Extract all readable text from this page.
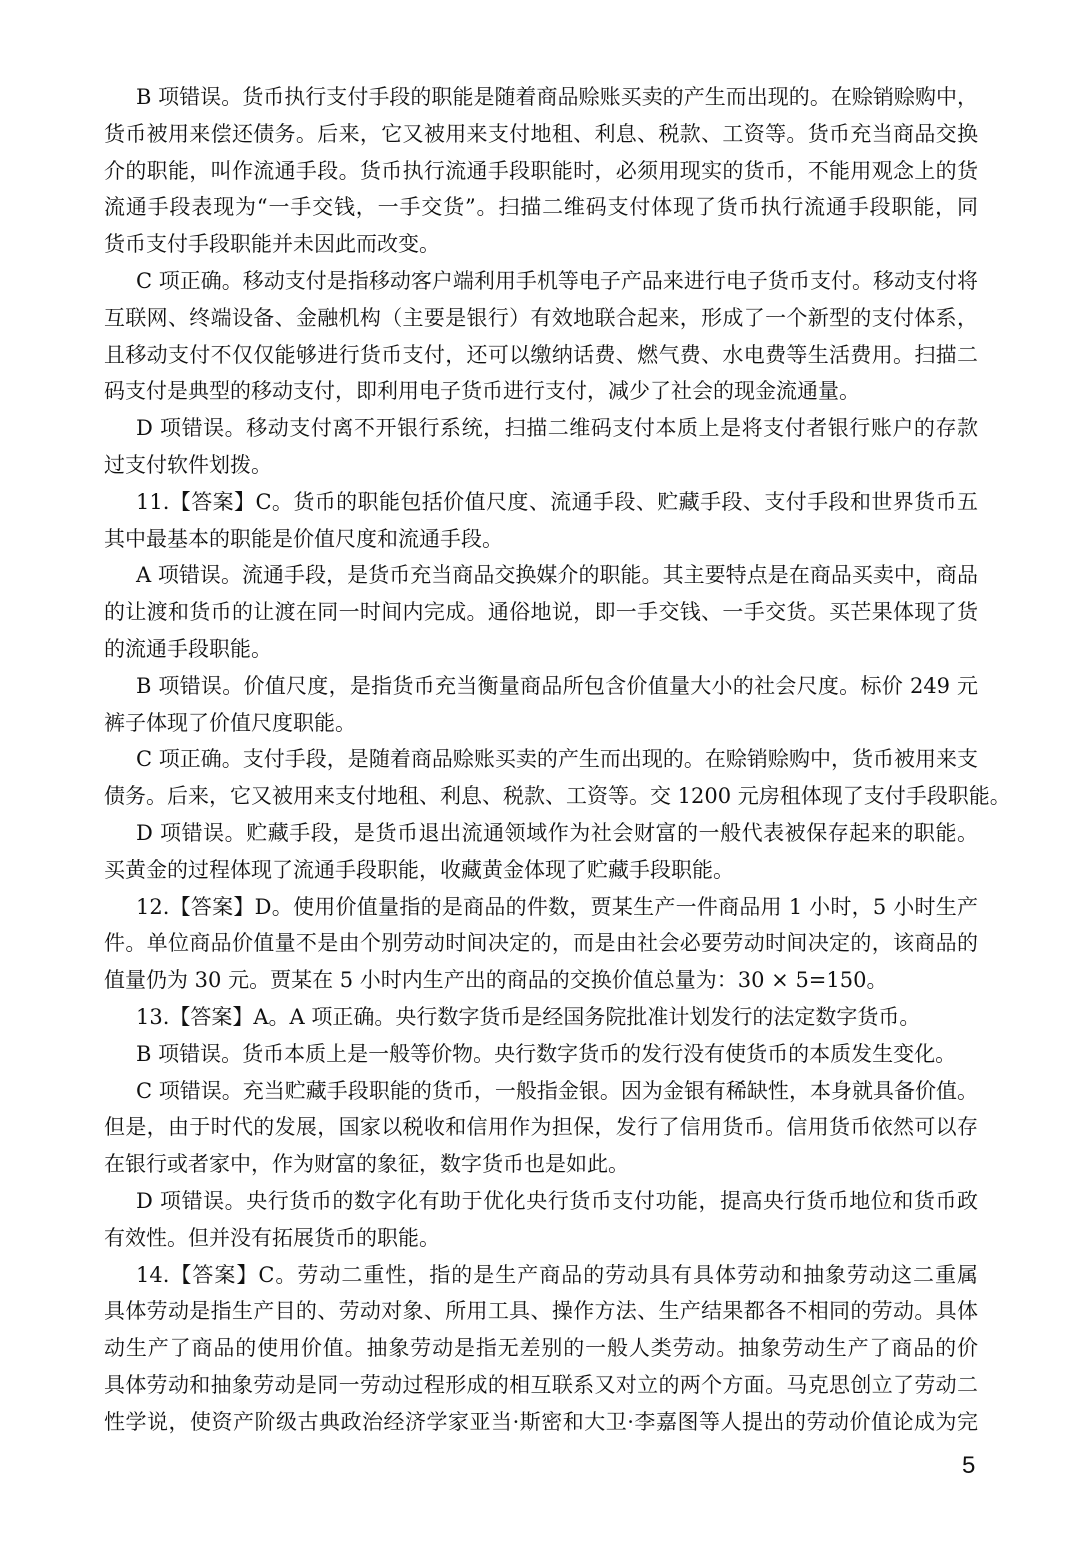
B 项错误。货币执行支付手段的职能是随着商品赊账买卖的产生而出现的。在赊销赊购中，
货币被用来偿还债务。后来，它又被用来支付地租、利息、税款、工资等。货币充当商品交换
介的职能，叫作流通手段。货币执行流通手段职能时，必须用现实的货币，不能用观念上的货
流通手段表现为“一手交钱，一手交货”。扫描二维码支付体现了货币执行流通手段职能，同
货币支付手段职能并未因此而改变。
C 项正确。移动支付是指移动客户端利用手机等电子产品来进行电子货币支付。移动支付将
互联网、终端设备、金融机构（主要是银行）有效地联合起来，形成了一个新型的支付体系，
且移动支付不仅仅能够进行货币支付，还可以缴纳话费、燃气费、水电费等生活费用。扫描二
码支付是典型的移动支付，即利用电子货币进行支付，减少了社会的现金流通量。
D 项错误。移动支付离不开银行系统，扫描二维码支付本质上是将支付者银行账户的存款
过支付软件划拨。
11.【答案】C。货币的职能包括价值尺度、流通手段、贮藏手段、支付手段和世界货币五
其中最基本的职能是价值尺度和流通手段。
A 项错误。流通手段，是货币充当商品交换媒介的职能。其主要特点是在商品买卖中，商品
的让渡和货币的让渡在同一时间内完成。通俗地说，即一手交钱、一手交货。买芒果体现了货
的流通手段职能。
B 项错误。价值尺度，是指货币充当衡量商品所包含价值量大小的社会尺度。标价 249 元
裤子体现了价值尺度职能。
C 项正确。支付手段，是随着商品赊账买卖的产生而出现的。在赊销赊购中，货币被用来支
债务。后来，它又被用来支付地租、利息、税款、工资等。交 1200 元房租体现了支付手段职能。
D 项错误。贮藏手段，是货币退出流通领域作为社会财富的一般代表被保存起来的职能。
买黄金的过程体现了流通手段职能，收藏黄金体现了贮藏手段职能。
12.【答案】D。使用价值量指的是商品的件数，贾某生产一件商品用 1 小时，5 小时生产
件。单位商品价值量不是由个别劳动时间决定的，而是由社会必要劳动时间决定的，该商品的
值量仍为 30 元。贾某在 5 小时内生产出的商品的交换价值总量为：30 × 5=150。
13.【答案】A。A 项正确。央行数字货币是经国务院批准计划发行的法定数字货币。
B 项错误。货币本质上是一般等价物。央行数字货币的发行没有使货币的本质发生变化。
C 项错误。充当贮藏手段职能的货币，一般指金银。因为金银有稀缺性，本身就具备价值。
但是，由于时代的发展，国家以税收和信用作为担保，发行了信用货币。信用货币依然可以存
在银行或者家中，作为财富的象征，数字货币也是如此。
D 项错误。央行货币的数字化有助于优化央行货币支付功能，提高央行货币地位和货币政
有效性。但并没有拓展货币的职能。
14.【答案】C。劳动二重性，指的是生产商品的劳动具有具体劳动和抽象劳动这二重属
具体劳动是指生产目的、劳动对象、所用工具、操作方法、生产结果都各不相同的劳动。具体
动生产了商品的使用价值。抽象劳动是指无差别的一般人类劳动。抽象劳动生产了商品的价
具体劳动和抽象劳动是同一劳动过程形成的相互联系又对立的两个方面。马克思创立了劳动二
性学说，使资产阶级古典政治经济学家亚当·斯密和大卫·李嘉图等人提出的劳动价值论成为完
5
